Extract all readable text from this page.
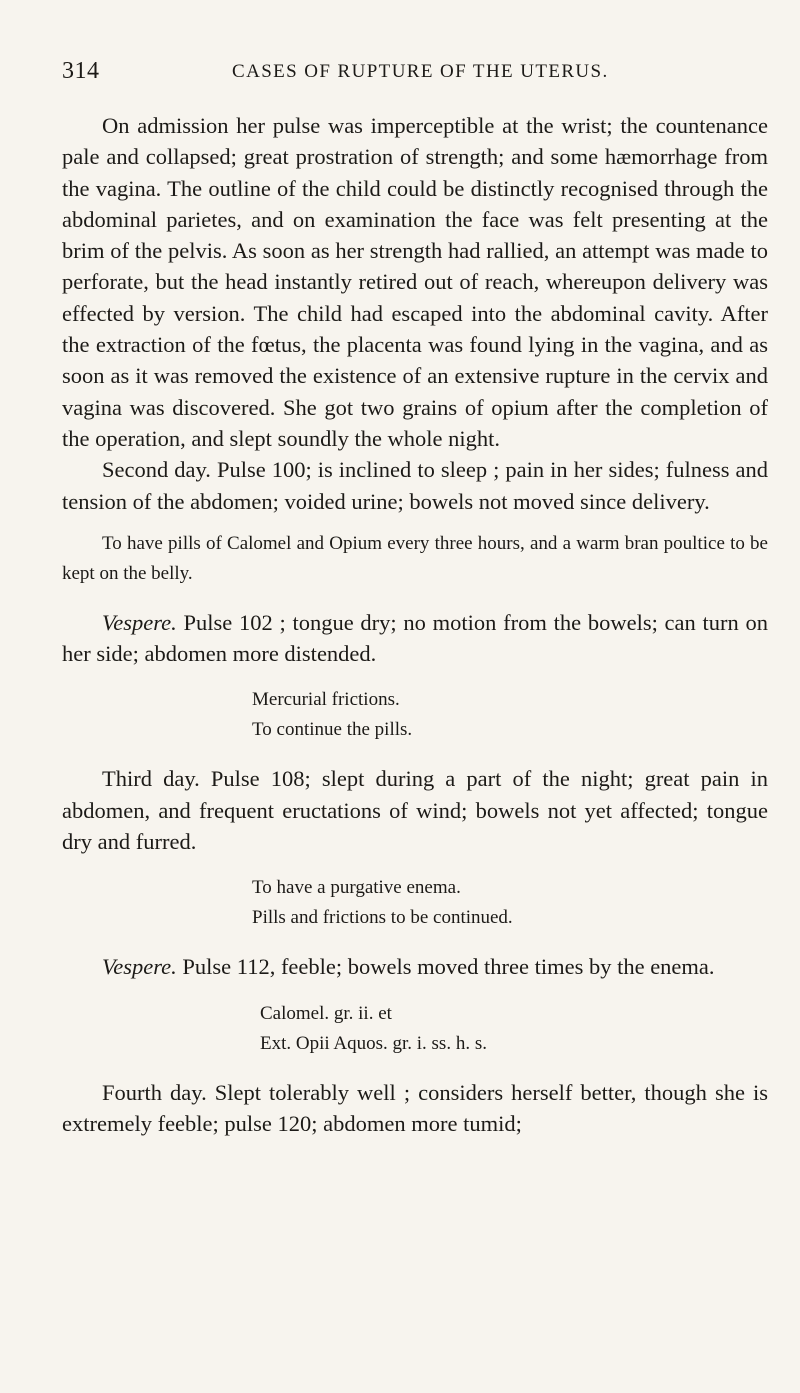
314	CASES OF RUPTURE OF THE UTERUS.

On admission her pulse was imperceptible at the wrist; the countenance pale and collapsed; great prostration of strength; and some hæmorrhage from the vagina. The outline of the child could be distinctly recognised through the abdominal parietes, and on examination the face was felt presenting at the brim of the pelvis. As soon as her strength had rallied, an attempt was made to perforate, but the head instantly retired out of reach, whereupon delivery was effected by version. The child had escaped into the abdominal cavity. After the extraction of the fœtus, the placenta was found lying in the vagina, and as soon as it was removed the existence of an extensive rupture in the cervix and vagina was discovered. She got two grains of opium after the completion of the operation, and slept soundly the whole night.

Second day. Pulse 100; is inclined to sleep ; pain in her sides; fulness and tension of the abdomen; voided urine; bowels not moved since delivery.

To have pills of Calomel and Opium every three hours, and a warm bran poultice to be kept on the belly.

Vespere. Pulse 102 ; tongue dry; no motion from the bowels; can turn on her side; abdomen more distended.

Mercurial frictions.
To continue the pills.

Third day. Pulse 108; slept during a part of the night; great pain in abdomen, and frequent eructations of wind; bowels not yet affected; tongue dry and furred.

To have a purgative enema.
Pills and frictions to be continued.

Vespere. Pulse 112, feeble; bowels moved three times by the enema.

Calomel. gr. ii. et
Ext. Opii Aquos. gr. i. ss. h. s.

Fourth day. Slept tolerably well ; considers herself better, though she is extremely feeble; pulse 120; abdomen more tumid;
